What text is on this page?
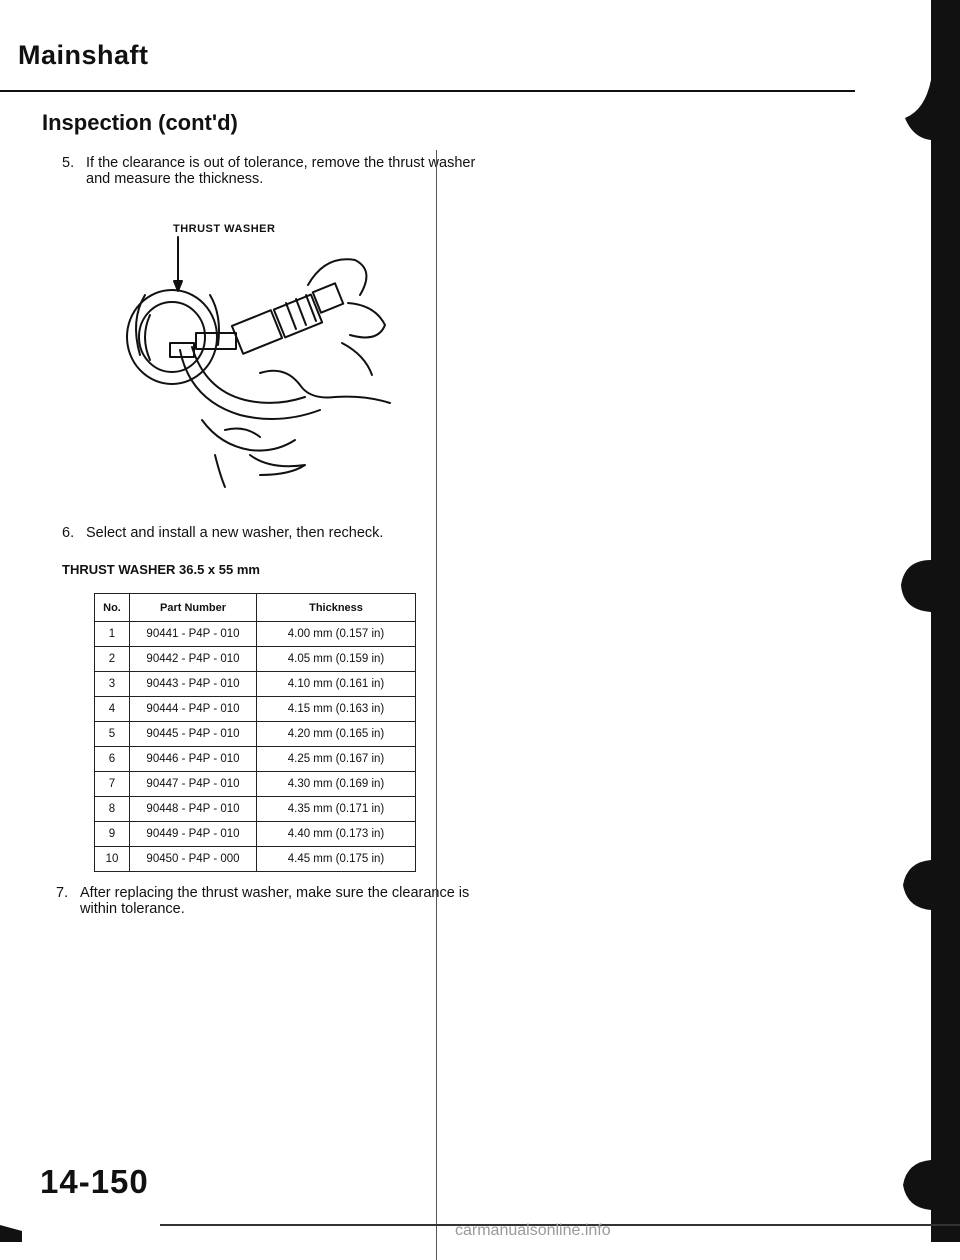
Mainshaft
Inspection (cont'd)
5. If the clearance is out of tolerance, remove the thrust washer and measure the thickness.
THRUST WASHER
6. Select and install a new washer, then recheck.
THRUST WASHER 36.5 x 55 mm
No.	Part Number	Thickness
1	90441 - P4P - 010	4.00 mm (0.157 in)
2	90442 - P4P - 010	4.05 mm (0.159 in)
3	90443 - P4P - 010	4.10 mm (0.161 in)
4	90444 - P4P - 010	4.15 mm (0.163 in)
5	90445 - P4P - 010	4.20 mm (0.165 in)
6	90446 - P4P - 010	4.25 mm (0.167 in)
7	90447 - P4P - 010	4.30 mm (0.169 in)
8	90448 - P4P - 010	4.35 mm (0.171 in)
9	90449 - P4P - 010	4.40 mm (0.173 in)
10	90450 - P4P - 000	4.45 mm (0.175 in)
7. After replacing the thrust washer, make sure the clearance is within tolerance.
14-150
carmanualsonline.info
